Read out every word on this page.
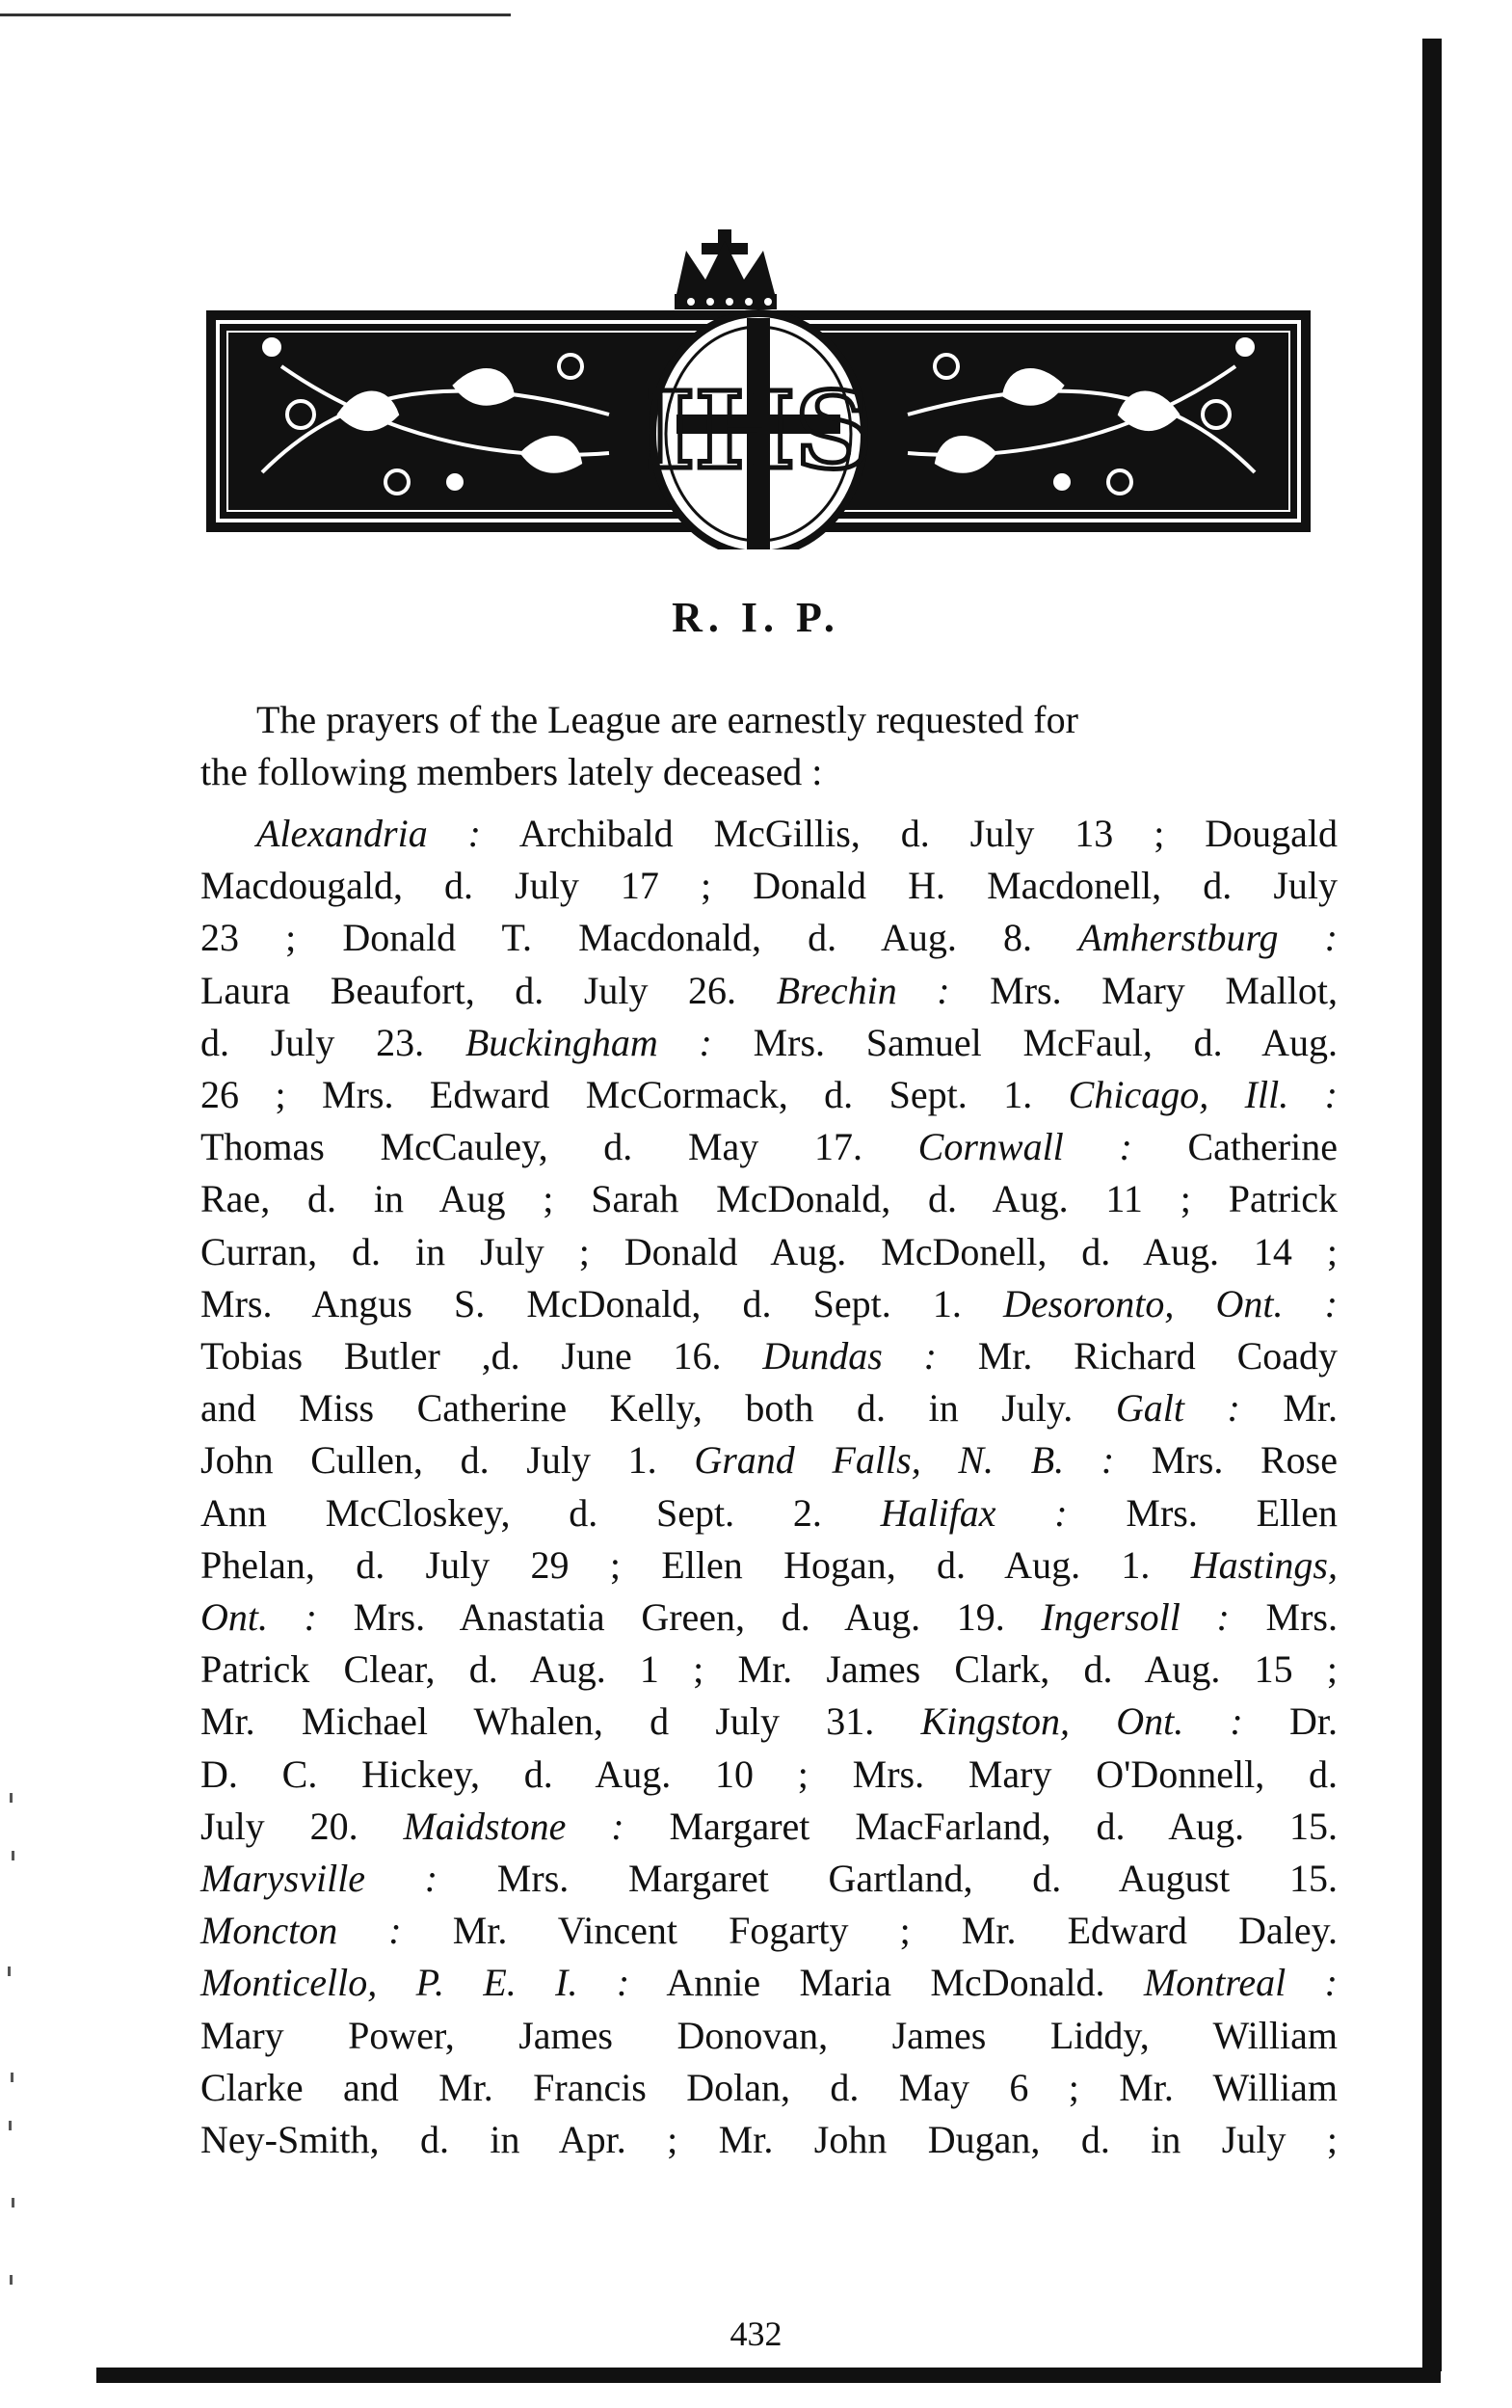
IHS
R. I. P.

The prayers of the League are earnestly requested for
the following members lately deceased :

Alexandria : Archibald McGillis, d. July 13 ; Dougald
Macdougald, d. July 17 ; Donald H. Macdonell, d. July
23 ; Donald T. Macdonald, d. Aug. 8. Amherstburg :
Laura Beaufort, d. July 26. Brechin : Mrs. Mary Mallot,
d. July 23. Buckingham : Mrs. Samuel McFaul, d. Aug.
26 ; Mrs. Edward McCormack, d. Sept. 1. Chicago, Ill. :
Thomas McCauley, d. May 17. Cornwall : Catherine
Rae, d. in Aug ; Sarah McDonald, d. Aug. 11 ; Patrick
Curran, d. in July ; Donald Aug. McDonell, d. Aug. 14 ;
Mrs. Angus S. McDonald, d. Sept. 1. Desoronto, Ont. :
Tobias Butler ,d. June 16. Dundas : Mr. Richard Coady
and Miss Catherine Kelly, both d. in July. Galt : Mr.
John Cullen, d. July 1. Grand Falls, N. B. : Mrs. Rose
Ann McCloskey, d. Sept. 2. Halifax : Mrs. Ellen
Phelan, d. July 29 ; Ellen Hogan, d. Aug. 1. Hastings,
Ont. : Mrs. Anastatia Green, d. Aug. 19. Ingersoll : Mrs.
Patrick Clear, d. Aug. 1 ; Mr. James Clark, d. Aug. 15 ;
Mr. Michael Whalen, d July 31. Kingston, Ont. : Dr.
D. C. Hickey, d. Aug. 10 ; Mrs. Mary O'Donnell, d.
July 20. Maidstone : Margaret MacFarland, d. Aug. 15.
Marysville : Mrs. Margaret Gartland, d. August 15.
Moncton : Mr. Vincent Fogarty ; Mr. Edward Daley.
Monticello, P. E. I. : Annie Maria McDonald. Montreal :
Mary Power, James Donovan, James Liddy, William
Clarke and Mr. Francis Dolan, d. May 6 ; Mr. William
Ney-Smith, d. in Apr. ; Mr. John Dugan, d. in July ;

432
